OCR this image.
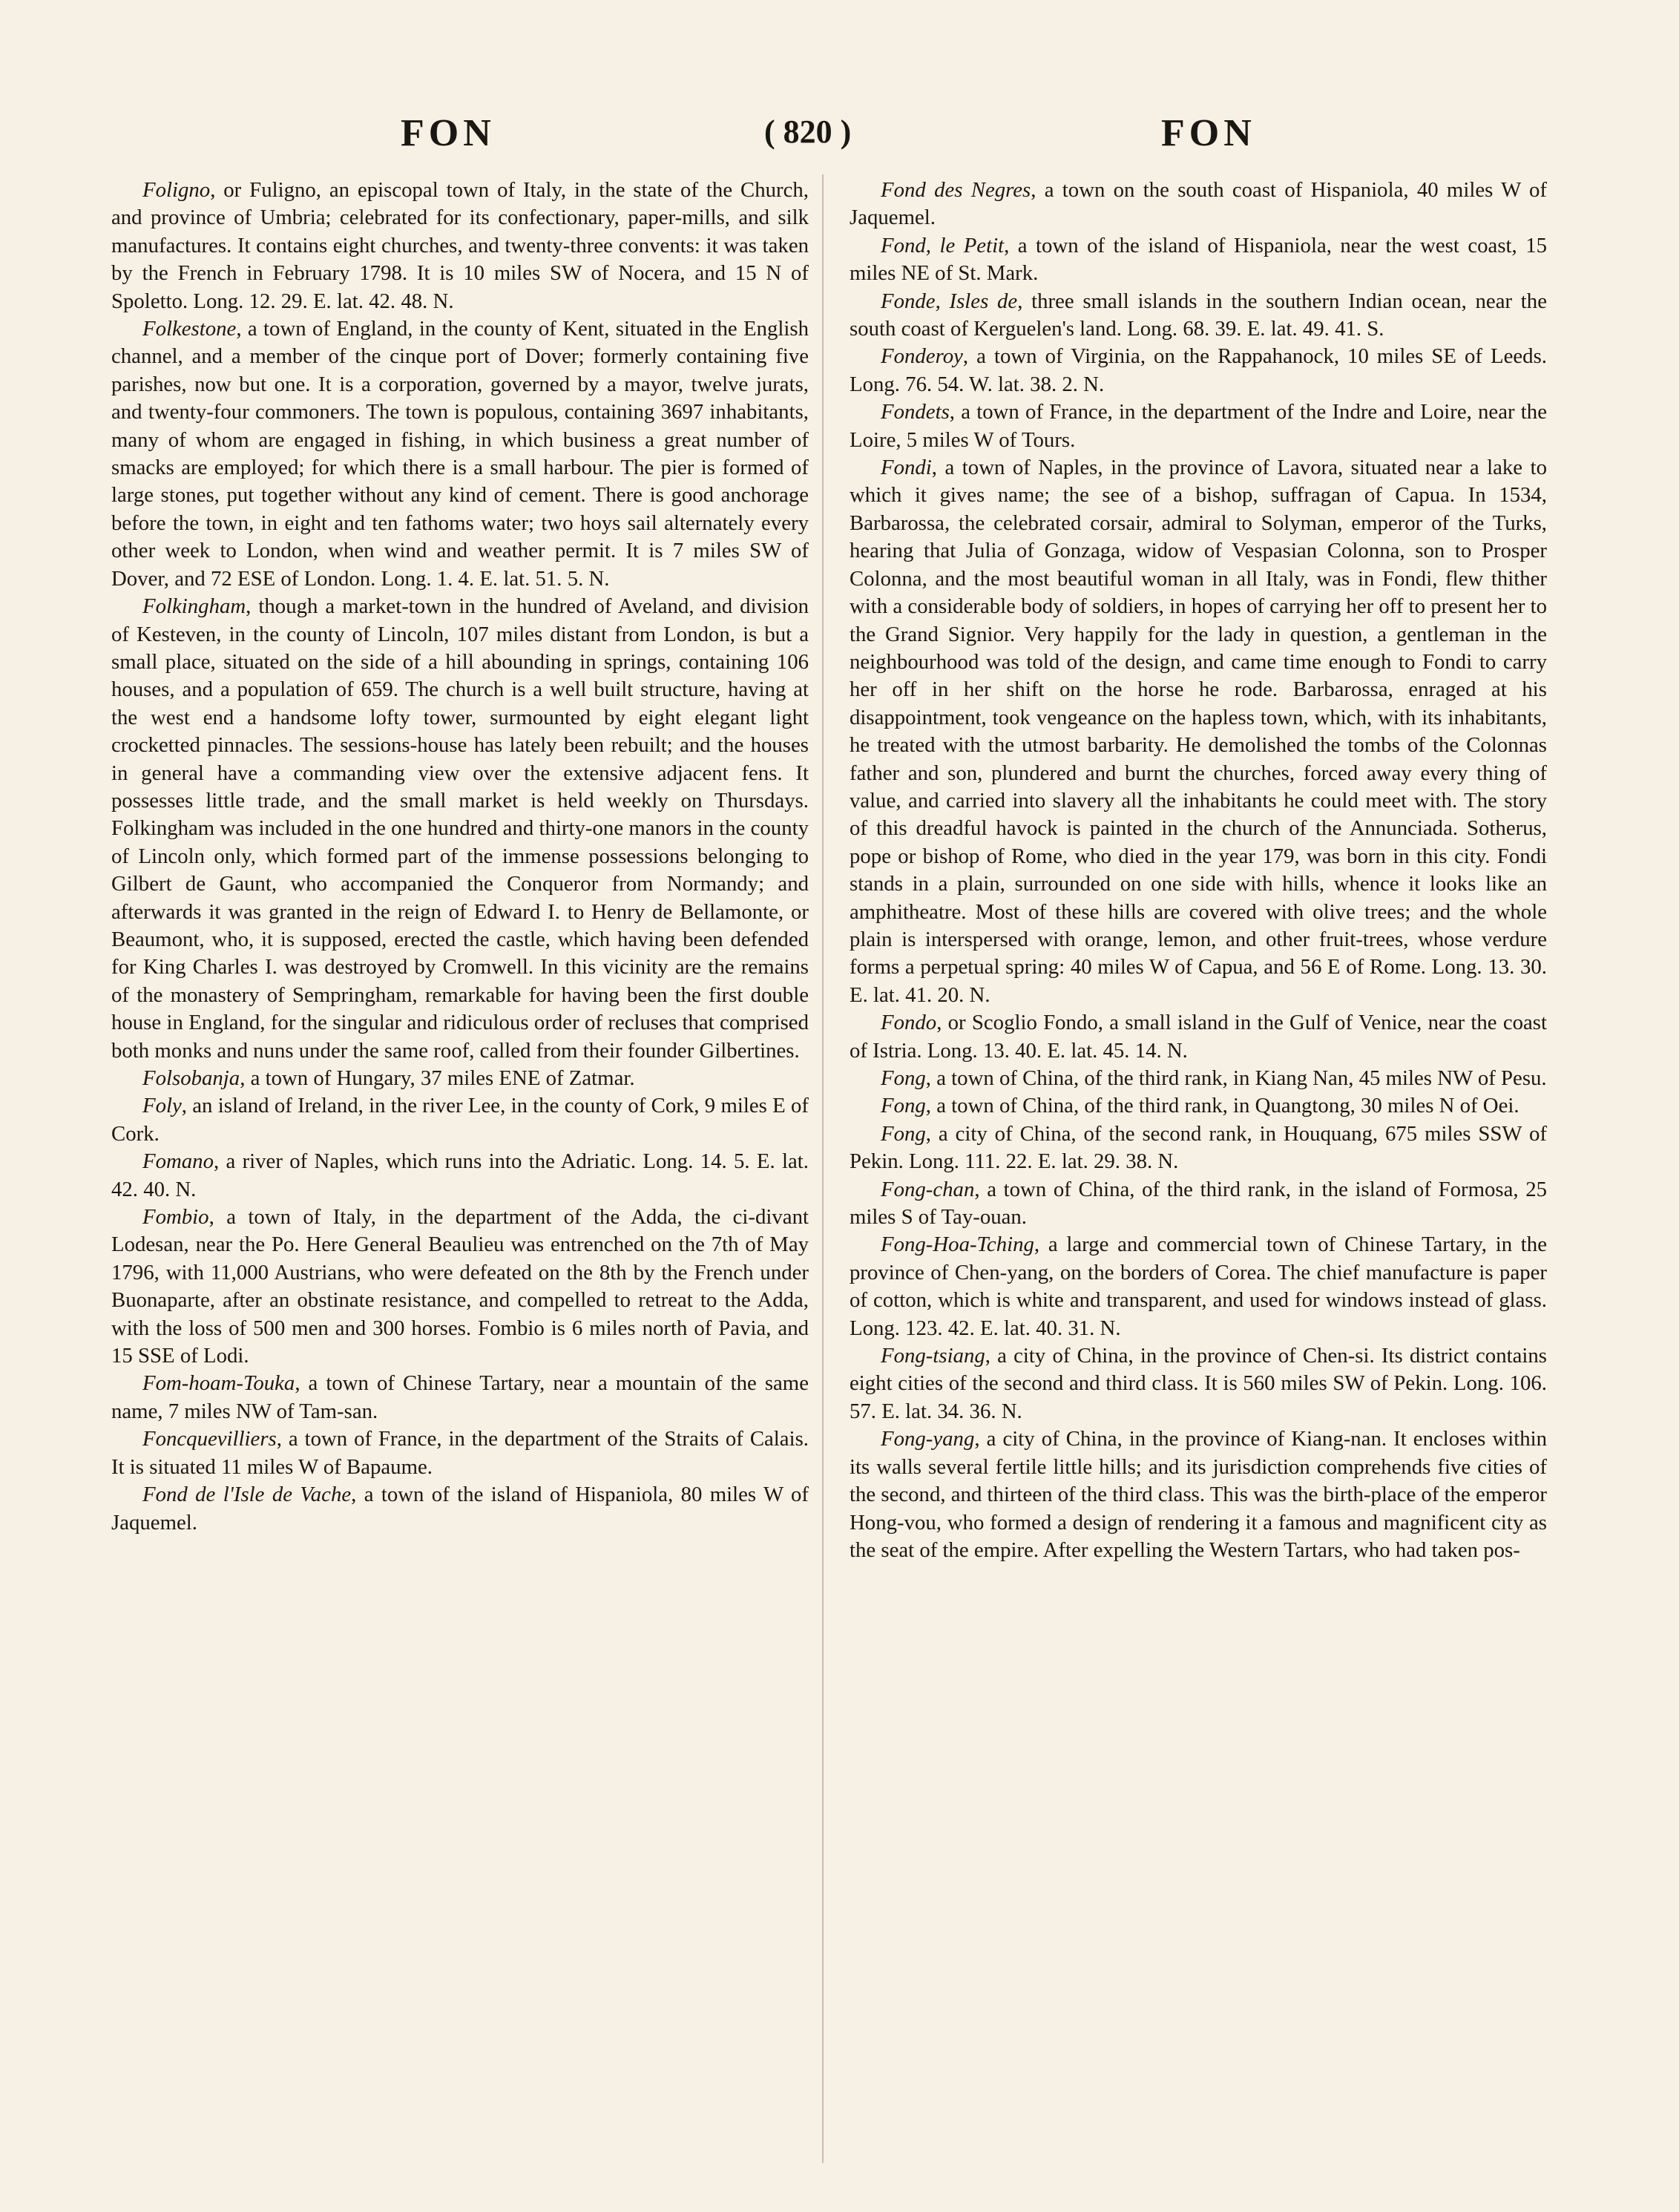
FON	( 820 )	FON

Foligno, or Fuligno, an episcopal town of Italy, in the state of the Church, and province of Umbria; celebrated for its confectionary, paper-mills, and silk manufactures. It contains eight churches, and twenty-three convents: it was taken by the French in February 1798. It is 10 miles SW of Nocera, and 15 N of Spoletto. Long. 12. 29. E. lat. 42. 48. N.

Folkestone, a town of England, in the county of Kent, situated in the English channel, and a member of the cinque port of Dover; formerly containing five parishes, now but one. It is a corporation, governed by a mayor, twelve jurats, and twenty-four commoners. The town is populous, containing 3697 inhabitants, many of whom are engaged in fishing, in which business a great number of smacks are employed; for which there is a small harbour. The pier is formed of large stones, put together without any kind of cement. There is good anchorage before the town, in eight and ten fathoms water; two hoys sail alternately every other week to London, when wind and weather permit. It is 7 miles SW of Dover, and 72 ESE of London. Long. 1. 4. E. lat. 51. 5. N.

Folkingham, though a market-town in the hundred of Aveland, and division of Kesteven, in the county of Lincoln, 107 miles distant from London, is but a small place, situated on the side of a hill abounding in springs, containing 106 houses, and a population of 659. The church is a well built structure, having at the west end a handsome lofty tower, surmounted by eight elegant light crocketted pinnacles. The sessions-house has lately been rebuilt; and the houses in general have a commanding view over the extensive adjacent fens. It possesses little trade, and the small market is held weekly on Thursdays. Folkingham was included in the one hundred and thirty-one manors in the county of Lincoln only, which formed part of the immense possessions belonging to Gilbert de Gaunt, who accompanied the Conqueror from Normandy; and afterwards it was granted in the reign of Edward I. to Henry de Bellamonte, or Beaumont, who, it is supposed, erected the castle, which having been defended for King Charles I. was destroyed by Cromwell. In this vicinity are the remains of the monastery of Sempringham, remarkable for having been the first double house in England, for the singular and ridiculous order of recluses that comprised both monks and nuns under the same roof, called from their founder Gilbertines.

Folsobanja, a town of Hungary, 37 miles ENE of Zatmar.

Foly, an island of Ireland, in the river Lee, in the county of Cork, 9 miles E of Cork.

Fomano, a river of Naples, which runs into the Adriatic. Long. 14. 5. E. lat. 42. 40. N.

Fombio, a town of Italy, in the department of the Adda, the ci-divant Lodesan, near the Po. Here General Beaulieu was entrenched on the 7th of May 1796, with 11,000 Austrians, who were defeated on the 8th by the French under Buonaparte, after an obstinate resistance, and compelled to retreat to the Adda, with the loss of 500 men and 300 horses. Fombio is 6 miles north of Pavia, and 15 SSE of Lodi.

Fom-hoam-Touka, a town of Chinese Tartary, near a mountain of the same name, 7 miles NW of Tam-san.

Foncquevilliers, a town of France, in the department of the Straits of Calais. It is situated 11 miles W of Bapaume.

Fond de l'Isle de Vache, a town of the island of Hispaniola, 80 miles W of Jaquemel.

Fond des Negres, a town on the south coast of Hispaniola, 40 miles W of Jaquemel.

Fond, le Petit, a town of the island of Hispaniola, near the west coast, 15 miles NE of St. Mark.

Fonde, Isles de, three small islands in the southern Indian ocean, near the south coast of Kerguelen's land. Long. 68. 39. E. lat. 49. 41. S.

Fonderoy, a town of Virginia, on the Rappahanock, 10 miles SE of Leeds. Long. 76. 54. W. lat. 38. 2. N.

Fondets, a town of France, in the department of the Indre and Loire, near the Loire, 5 miles W of Tours.

Fondi, a town of Naples, in the province of Lavora, situated near a lake to which it gives name; the see of a bishop, suffragan of Capua. In 1534, Barbarossa, the celebrated corsair, admiral to Solyman, emperor of the Turks, hearing that Julia of Gonzaga, widow of Vespasian Colonna, son to Prosper Colonna, and the most beautiful woman in all Italy, was in Fondi, flew thither with a considerable body of soldiers, in hopes of carrying her off to present her to the Grand Signior. Very happily for the lady in question, a gentleman in the neighbourhood was told of the design, and came time enough to Fondi to carry her off in her shift on the horse he rode. Barbarossa, enraged at his disappointment, took vengeance on the hapless town, which, with its inhabitants, he treated with the utmost barbarity. He demolished the tombs of the Colonnas father and son, plundered and burnt the churches, forced away every thing of value, and carried into slavery all the inhabitants he could meet with. The story of this dreadful havock is painted in the church of the Annunciada. Sotherus, pope or bishop of Rome, who died in the year 179, was born in this city. Fondi stands in a plain, surrounded on one side with hills, whence it looks like an amphitheatre. Most of these hills are covered with olive trees; and the whole plain is interspersed with orange, lemon, and other fruit-trees, whose verdure forms a perpetual spring: 40 miles W of Capua, and 56 E of Rome. Long. 13. 30. E. lat. 41. 20. N.

Fondo, or Scoglio Fondo, a small island in the Gulf of Venice, near the coast of Istria. Long. 13. 40. E. lat. 45. 14. N.

Fong, a town of China, of the third rank, in Kiang Nan, 45 miles NW of Pesu.

Fong, a town of China, of the third rank, in Quangtong, 30 miles N of Oei.

Fong, a city of China, of the second rank, in Houquang, 675 miles SSW of Pekin. Long. 111. 22. E. lat. 29. 38. N.

Fong-chan, a town of China, of the third rank, in the island of Formosa, 25 miles S of Tay-ouan.

Fong-Hoa-Tching, a large and commercial town of Chinese Tartary, in the province of Chen-yang, on the borders of Corea. The chief manufacture is paper of cotton, which is white and transparent, and used for windows instead of glass. Long. 123. 42. E. lat. 40. 31. N.

Fong-tsiang, a city of China, in the province of Chen-si. Its district contains eight cities of the second and third class. It is 560 miles SW of Pekin. Long. 106. 57. E. lat. 34. 36. N.

Fong-yang, a city of China, in the province of Kiang-nan. It encloses within its walls several fertile little hills; and its jurisdiction comprehends five cities of the second, and thirteen of the third class. This was the birth-place of the emperor Hong-vou, who formed a design of rendering it a famous and magnificent city as the seat of the empire. After expelling the Western Tartars, who had taken pos-
